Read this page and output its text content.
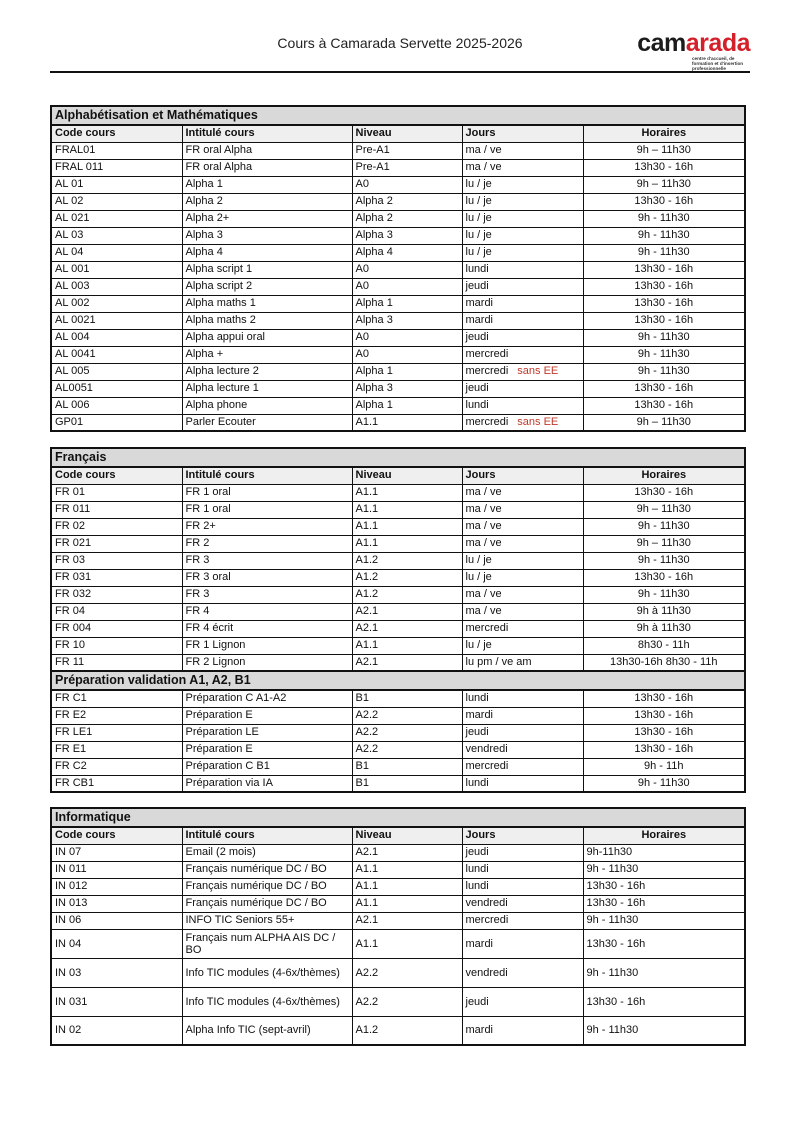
Cours à Camarada Servette 2025-2026	camarada
centre d'accueil, de formation et d'insertion professionnelle
Alphabétisation et Mathématiques				
Code cours	Intitulé cours	Niveau	Jours	Horaires
FRAL01	FR oral Alpha	Pre-A1	ma / ve	9h – 11h30
FRAL 011	FR oral Alpha	Pre-A1	ma / ve	13h30 - 16h
AL 01	Alpha 1	A0	lu / je	9h – 11h30
AL 02	Alpha 2	Alpha 2	lu / je	13h30 - 16h
AL 021	Alpha 2+	Alpha 2	lu / je	9h - 11h30
AL 03	Alpha 3	Alpha 3	lu / je	9h - 11h30
AL 04	Alpha 4	Alpha 4	lu / je	9h - 11h30
AL 001	Alpha script 1	A0	lundi	13h30 - 16h
AL 003	Alpha script 2	A0	jeudi	13h30 - 16h
AL 002	Alpha maths 1	Alpha 1	mardi	13h30 - 16h
AL 0021	Alpha maths 2	Alpha 3	mardi	13h30 - 16h
AL 004	Alpha appui oral	A0	jeudi	9h - 11h30
AL 0041	Alpha +	A0	mercredi	9h - 11h30
AL 005	Alpha lecture 2	Alpha 1	mercredi sans EE	9h - 11h30
AL0051	Alpha lecture 1	Alpha 3	jeudi	13h30 - 16h
AL 006	Alpha phone	Alpha 1	lundi	13h30 - 16h
GP01	Parler Ecouter	A1.1	mercredi sans EE	9h – 11h30
Français				
Code cours	Intitulé cours	Niveau	Jours	Horaires
FR 01	FR 1 oral	A1.1	ma / ve	13h30 - 16h
FR 011	FR 1 oral	A1.1	ma / ve	9h – 11h30
FR 02	FR 2+	A1.1	ma / ve	9h - 11h30
FR 021	FR 2	A1.1	ma / ve	9h – 11h30
FR 03	FR 3	A1.2	lu / je	9h - 11h30
FR 031	FR 3 oral	A1.2	lu / je	13h30 - 16h
FR 032	FR 3	A1.2	ma / ve	9h - 11h30
FR 04	FR 4	A2.1	ma / ve	9h à 11h30
FR 004	FR 4 écrit	A2.1	mercredi	9h à 11h30
FR 10	FR 1 Lignon	A1.1	lu / je	8h30 - 11h
FR 11	FR 2 Lignon	A2.1	lu pm / ve am	13h30-16h 8h30 - 11h
Préparation validation A1, A2, B1				
FR C1	Préparation C A1-A2	B1	lundi	13h30 - 16h
FR E2	Préparation E	A2.2	mardi	13h30 - 16h
FR LE1	Préparation LE	A2.2	jeudi	13h30 - 16h
FR E1	Préparation E	A2.2	vendredi	13h30 - 16h
FR C2	Préparation C B1	B1	mercredi	9h - 11h
FR CB1	Préparation via IA	B1	lundi	9h - 11h30
Informatique				
Code cours	Intitulé cours	Niveau	Jours	Horaires
IN 07	Email (2 mois)	A2.1	jeudi	9h-11h30
IN 011	Français numérique DC / BO	A1.1	lundi	9h - 11h30
IN 012	Français numérique DC / BO	A1.1	lundi	13h30 - 16h
IN 013	Français numérique DC / BO	A1.1	vendredi	13h30 - 16h
IN 06	INFO TIC Seniors 55+	A2.1	mercredi	9h - 11h30
IN 04	Français num ALPHA AIS DC / BO	A1.1	mardi	13h30 - 16h
IN 03	Info TIC modules (4-6x/thèmes)	A2.2	vendredi	9h - 11h30
IN 031	Info TIC modules (4-6x/thèmes)	A2.2	jeudi	13h30 - 16h
IN 02	Alpha Info TIC (sept-avril)	A1.2	mardi	9h - 11h30
